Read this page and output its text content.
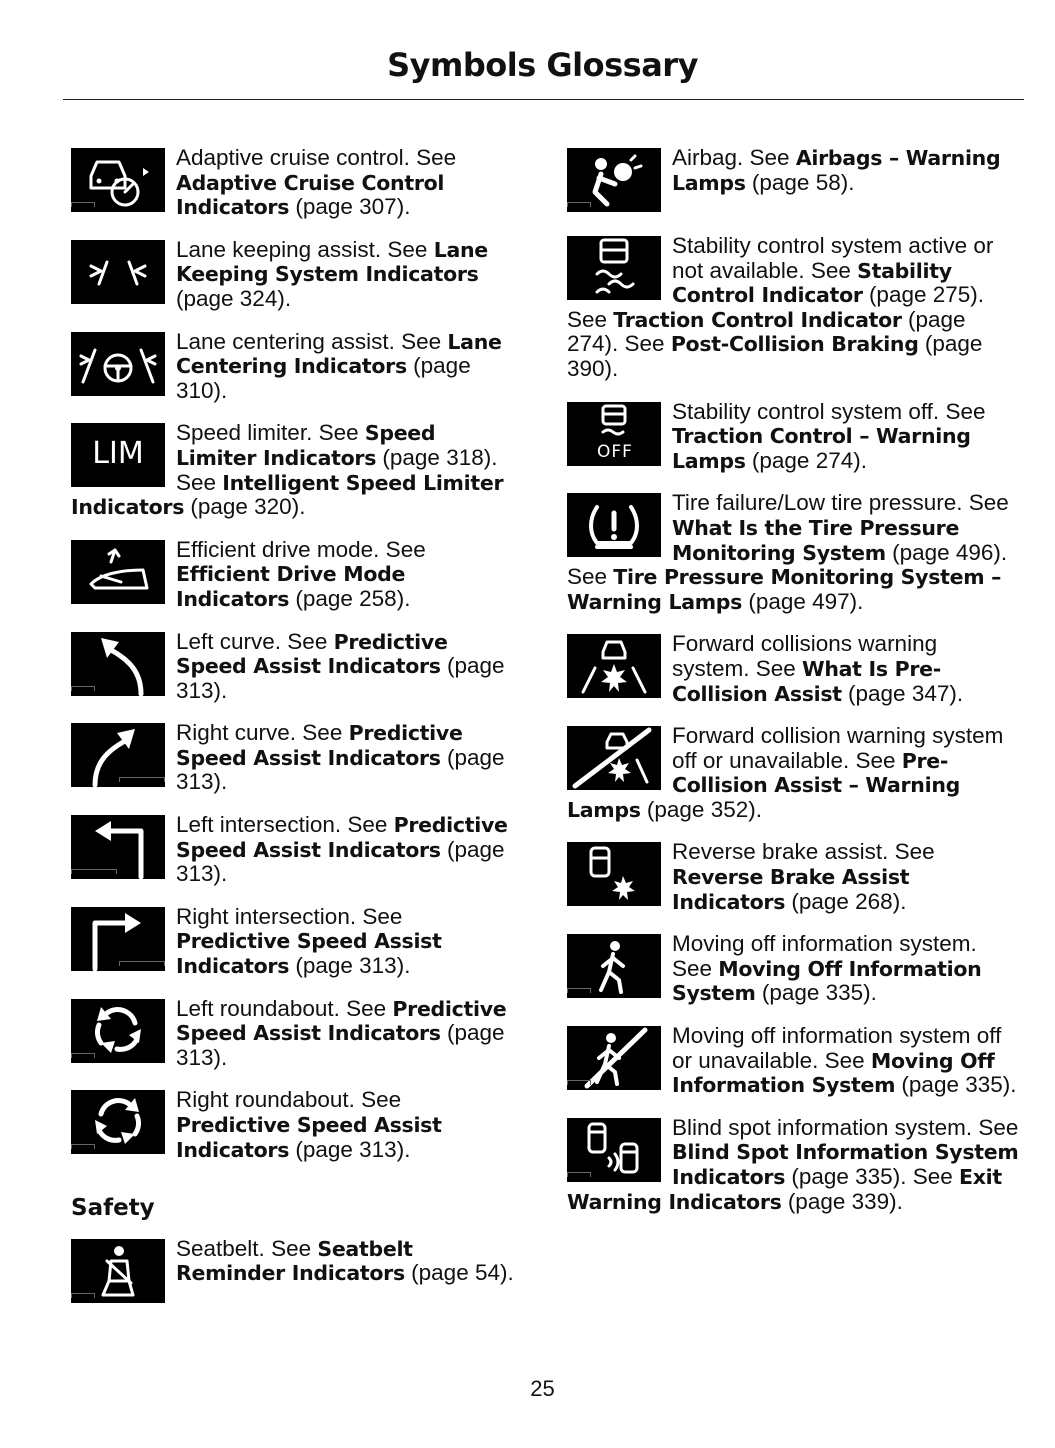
Symbols Glossary
Adaptive cruise control. See Adaptive Cruise Control Indicators (page 307).
Lane keeping assist. See Lane Keeping System Indicators (page 324).
Lane centering assist. See Lane Centering Indicators (page 310).
LIM
Speed limiter. See Speed Limiter Indicators (page 318). See Intelligent Speed Limiter Indicators (page 320).
Efficient drive mode. See Efficient Drive Mode Indicators (page 258).
Left curve. See Predictive Speed Assist Indicators (page 313).
Right curve. See Predictive Speed Assist Indicators (page 313).
Left intersection. See Predictive Speed Assist Indicators (page 313).
Right intersection. See Predictive Speed Assist Indicators (page 313).
Left roundabout. See Predictive Speed Assist Indicators (page 313).
Right roundabout. See Predictive Speed Assist Indicators (page 313).
Safety
Seatbelt. See Seatbelt Reminder Indicators (page 54).
Airbag. See Airbags – Warning Lamps (page 58).
Stability control system active or not available. See Stability Control Indicator (page 275). See Traction Control Indicator (page 274). See Post-Collision Braking (page 390).
OFF
Stability control system off. See Traction Control – Warning Lamps (page 274).
Tire failure/Low tire pressure. See What Is the Tire Pressure Monitoring System (page 496). See Tire Pressure Monitoring System – Warning Lamps (page 497).
Forward collisions warning system. See What Is Pre-Collision Assist (page 347).
Forward collision warning system off or unavailable. See Pre-Collision Assist – Warning Lamps (page 352).
Reverse brake assist. See Reverse Brake Assist Indicators (page 268).
Moving off information system. See Moving Off Information System (page 335).
Moving off information system off or unavailable. See Moving Off Information System (page 335).
Blind spot information system. See Blind Spot Information System Indicators (page 335). See Exit Warning Indicators (page 339).
25
